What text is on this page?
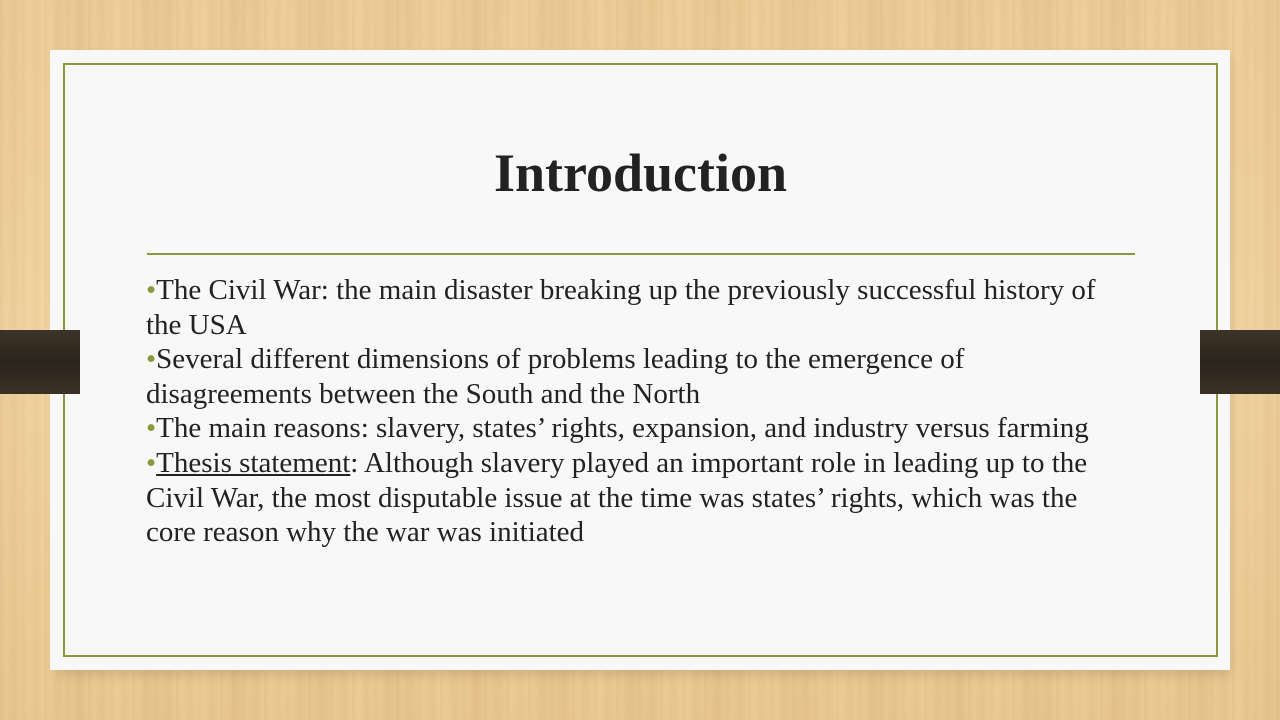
Introduction

•The Civil War: the main disaster breaking up the previously successful history of the USA

•Several different dimensions of problems leading to the emergence of disagreements between the South and the North

•The main reasons: slavery, states’ rights, expansion, and industry versus farming

•Thesis statement: Although slavery played an important role in leading up to the Civil War, the most disputable issue at the time was states’ rights, which was the core reason why the war was initiated
